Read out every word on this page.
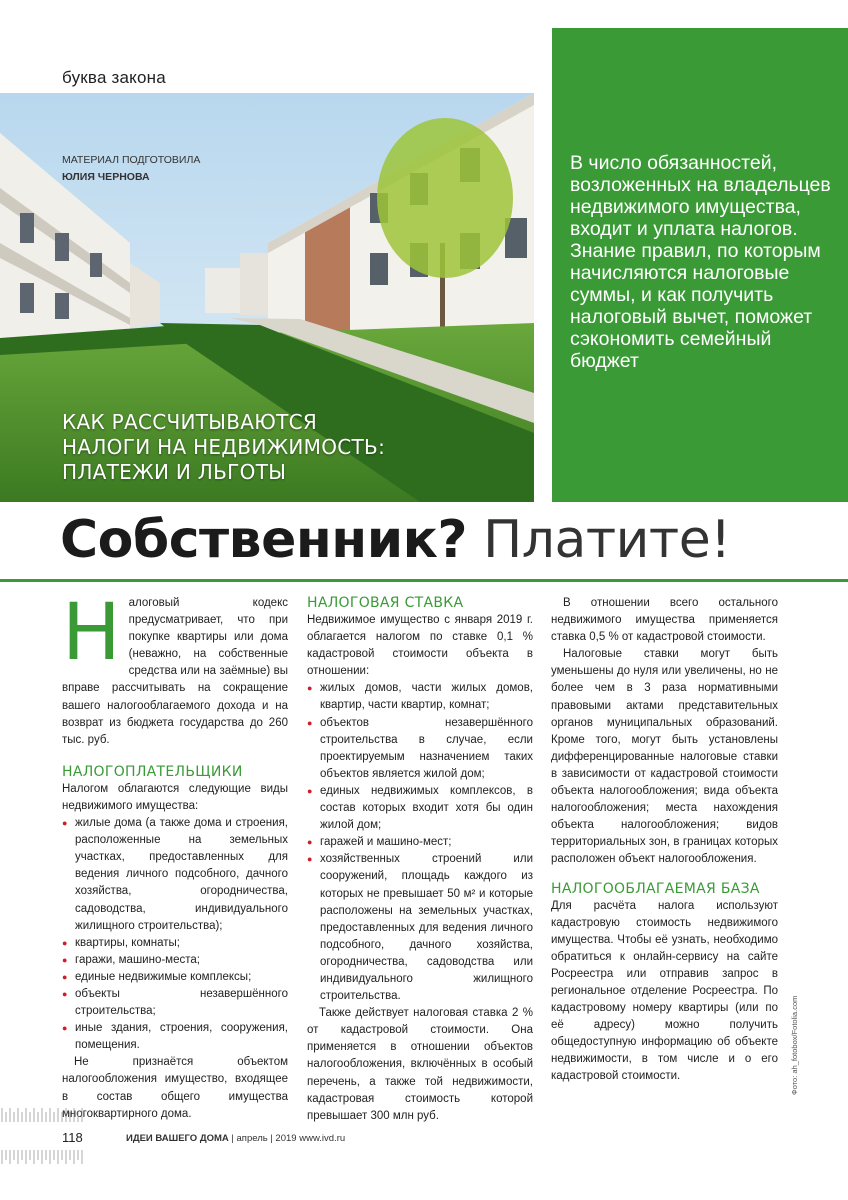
буква закона
В число обязанностей, возложенных на владельцев недвижимого имущества, входит и уплата налогов. Знание правил, по которым начисляются налоговые суммы, и как получить налоговый вычет, поможет сэкономить семейный бюджет
МАТЕРИАЛ ПОДГОТОВИЛА
ЮЛИЯ ЧЕРНОВА
КАК РАССЧИТЫВАЮТСЯ
НАЛОГИ НА НЕДВИЖИМОСТЬ:
ПЛАТЕЖИ И ЛЬГОТЫ
Собственник? Платите!
Н алоговый кодекс предусматривает, что при покупке квартиры или дома (неважно, на собственные средства или на заёмные) вы вправе рассчитывать на сокращение вашего налогооблагаемого дохода и на возврат из бюджета государства до 260 тыс. руб.

НАЛОГОПЛАТЕЛЬЩИКИ

Налогом облагаются следующие виды недвижимого имущества:

● жилые дома (а также дома и строения, расположенные на земельных участках, предоставленных для ведения личного подсобного, дачного хозяйства, огородничества, садоводства, индивидуального жилищного строительства);
● квартиры, комнаты;
● гаражи, машино-места;
● единые недвижимые комплексы;
● объекты незавершённого строительства;
● иные здания, строения, сооружения, помещения.

Не признаётся объектом налогообложения имущество, входящее в состав общего имущества многоквартирного дома.

НАЛОГОВАЯ СТАВКА

Недвижимое имущество с января 2019 г. облагается налогом по ставке 0,1 % кадастровой стоимости объекта в отношении:

● жилых домов, части жилых домов, квартир, части квартир, комнат;
● объектов незавершённого строительства в случае, если проектируемым назначением таких объектов является жилой дом;
● единых недвижимых комплексов, в состав которых входит хотя бы один жилой дом;
● гаражей и машино-мест;
● хозяйственных строений или сооружений, площадь каждого из которых не превышает 50 м² и которые расположены на земельных участках, предоставленных для ведения личного подсобного, дачного хозяйства, огородничества, садоводства или индивидуального жилищного строительства.

Также действует налоговая ставка 2 % от кадастровой стоимости. Она применяется в отношении объектов налогообложения, включённых в особый перечень, а также той недвижимости, кадастровая стоимость которой превышает 300 млн руб.

В отношении всего остального недвижимого имущества применяется ставка 0,5 % от кадастровой стоимости.

Налоговые ставки могут быть уменьшены до нуля или увеличены, но не более чем в 3 раза нормативными правовыми актами представительных органов муниципальных образований. Кроме того, могут быть установлены дифференцированные налоговые ставки в зависимости от кадастровой стоимости объекта налогообложения; вида объекта налогообложения; места нахождения объекта налогообложения; видов территориальных зон, в границах которых расположен объект налогообложения.

НАЛОГООБЛАГАЕМАЯ БАЗА

Для расчёта налога используют кадастровую стоимость недвижимого имущества. Чтобы её узнать, необходимо обратиться к онлайн-сервису на сайте Росреестра или отправив запрос в региональное отделение Росреестра. По кадастровому номеру квартиры (или по её адресу) можно получить общедоступную информацию об объекте недвижимости, в том числе и о его кадастровой стоимости.	Фото: ah_fotobox/Fotolia.com
118	ИДЕИ ВАШЕГО ДОМА | апрель | 2019 www.ivd.ru
